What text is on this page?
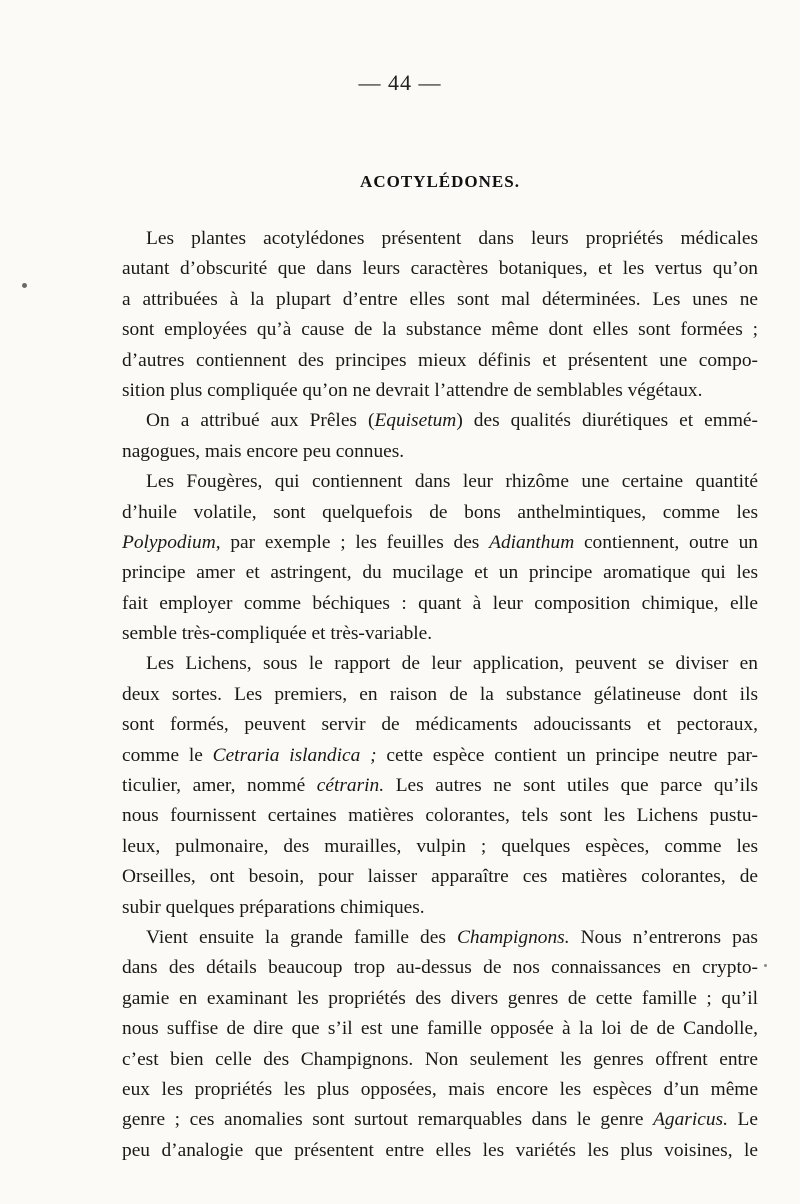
— 44 —
ACOTYLÉDONES.
Les plantes acotylédones présentent dans leurs propriétés médicales
autant d’obscurité que dans leurs caractères botaniques, et les vertus qu’on
a attribuées à la plupart d’entre elles sont mal déterminées. Les unes ne
sont employées qu’à cause de la substance même dont elles sont formées ;
d’autres contiennent des principes mieux définis et présentent une compo-
sition plus compliquée qu’on ne devrait l’attendre de semblables végétaux.
On a attribué aux Prêles (Equisetum) des qualités diurétiques et emmé-
nagogues, mais encore peu connues.
Les Fougères, qui contiennent dans leur rhizôme une certaine quantité
d’huile volatile, sont quelquefois de bons anthelmintiques, comme les
Polypodium, par exemple ; les feuilles des Adianthum contiennent, outre un
principe amer et astringent, du mucilage et un principe aromatique qui les
fait employer comme béchiques : quant à leur composition chimique, elle
semble très-compliquée et très-variable.
Les Lichens, sous le rapport de leur application, peuvent se diviser en
deux sortes. Les premiers, en raison de la substance gélatineuse dont ils
sont formés, peuvent servir de médicaments adoucissants et pectoraux,
comme le Cetraria islandica ; cette espèce contient un principe neutre par-
ticulier, amer, nommé cétrarin. Les autres ne sont utiles que parce qu’ils
nous fournissent certaines matières colorantes, tels sont les Lichens pustu-
leux, pulmonaire, des murailles, vulpin ; quelques espèces, comme les
Orseilles, ont besoin, pour laisser apparaître ces matières colorantes, de
subir quelques préparations chimiques.
Vient ensuite la grande famille des Champignons. Nous n’entrerons pas
dans des détails beaucoup trop au-dessus de nos connaissances en crypto-
gamie en examinant les propriétés des divers genres de cette famille ; qu’il
nous suffise de dire que s’il est une famille opposée à la loi de de Candolle,
c’est bien celle des Champignons. Non seulement les genres offrent entre
eux les propriétés les plus opposées, mais encore les espèces d’un même
genre ; ces anomalies sont surtout remarquables dans le genre Agaricus. Le
peu d’analogie que présentent entre elles les variétés les plus voisines, le
